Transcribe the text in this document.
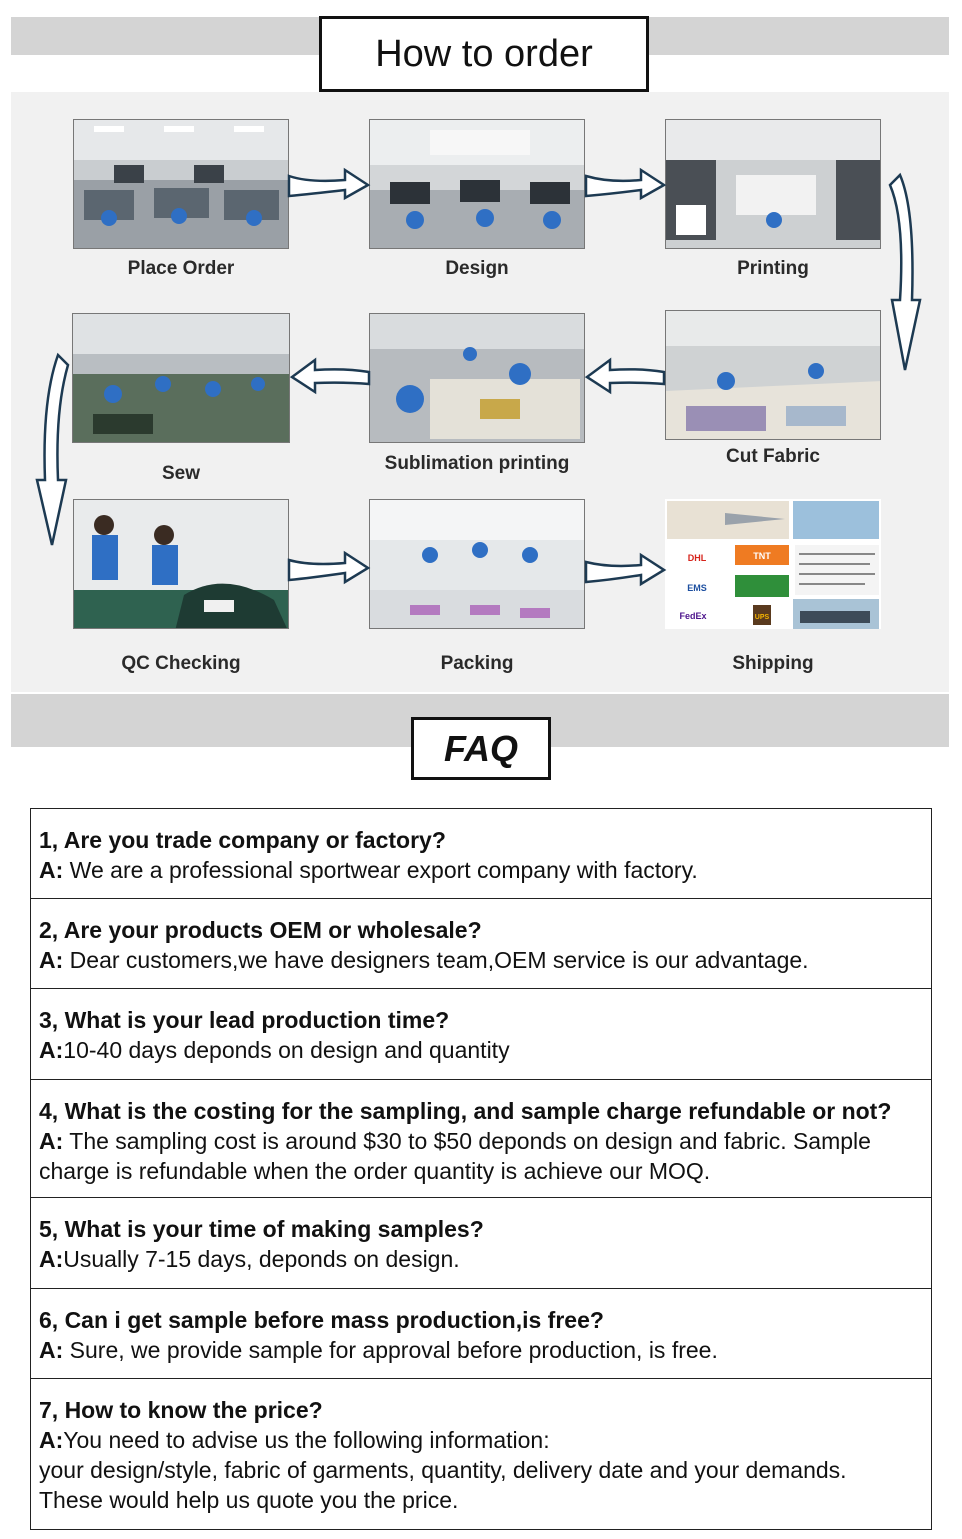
How to order
Place Order	Design	Printing
Sew	Sublimation printing	Cut Fabric
QC Checking	Packing
DHL	TNT
EMS
FedEx	UPS
Shipping
FAQ
1, Are you trade company or factory?
A: We are a professional sportwear export company with factory.
2, Are your products OEM or wholesale?
A: Dear customers,we have designers team,OEM service is our advantage.
3, What is your lead production time?
A:10-40 days deponds on design and quantity
4, What is the costing for the sampling, and sample charge refundable or not?
A: The sampling cost is around $30 to $50 deponds on design and fabric. Sample charge is refundable when the order quantity is achieve our MOQ.
5, What is your time of making samples?
A:Usually 7-15 days, deponds on design.
6, Can i get sample before mass production,is free?
A: Sure, we provide sample for approval before production, is free.
7, How to know the price?
A:You need to advise us the following information:
your design/style, fabric of garments, quantity, delivery date and your demands.
These would help us quote you the price.
